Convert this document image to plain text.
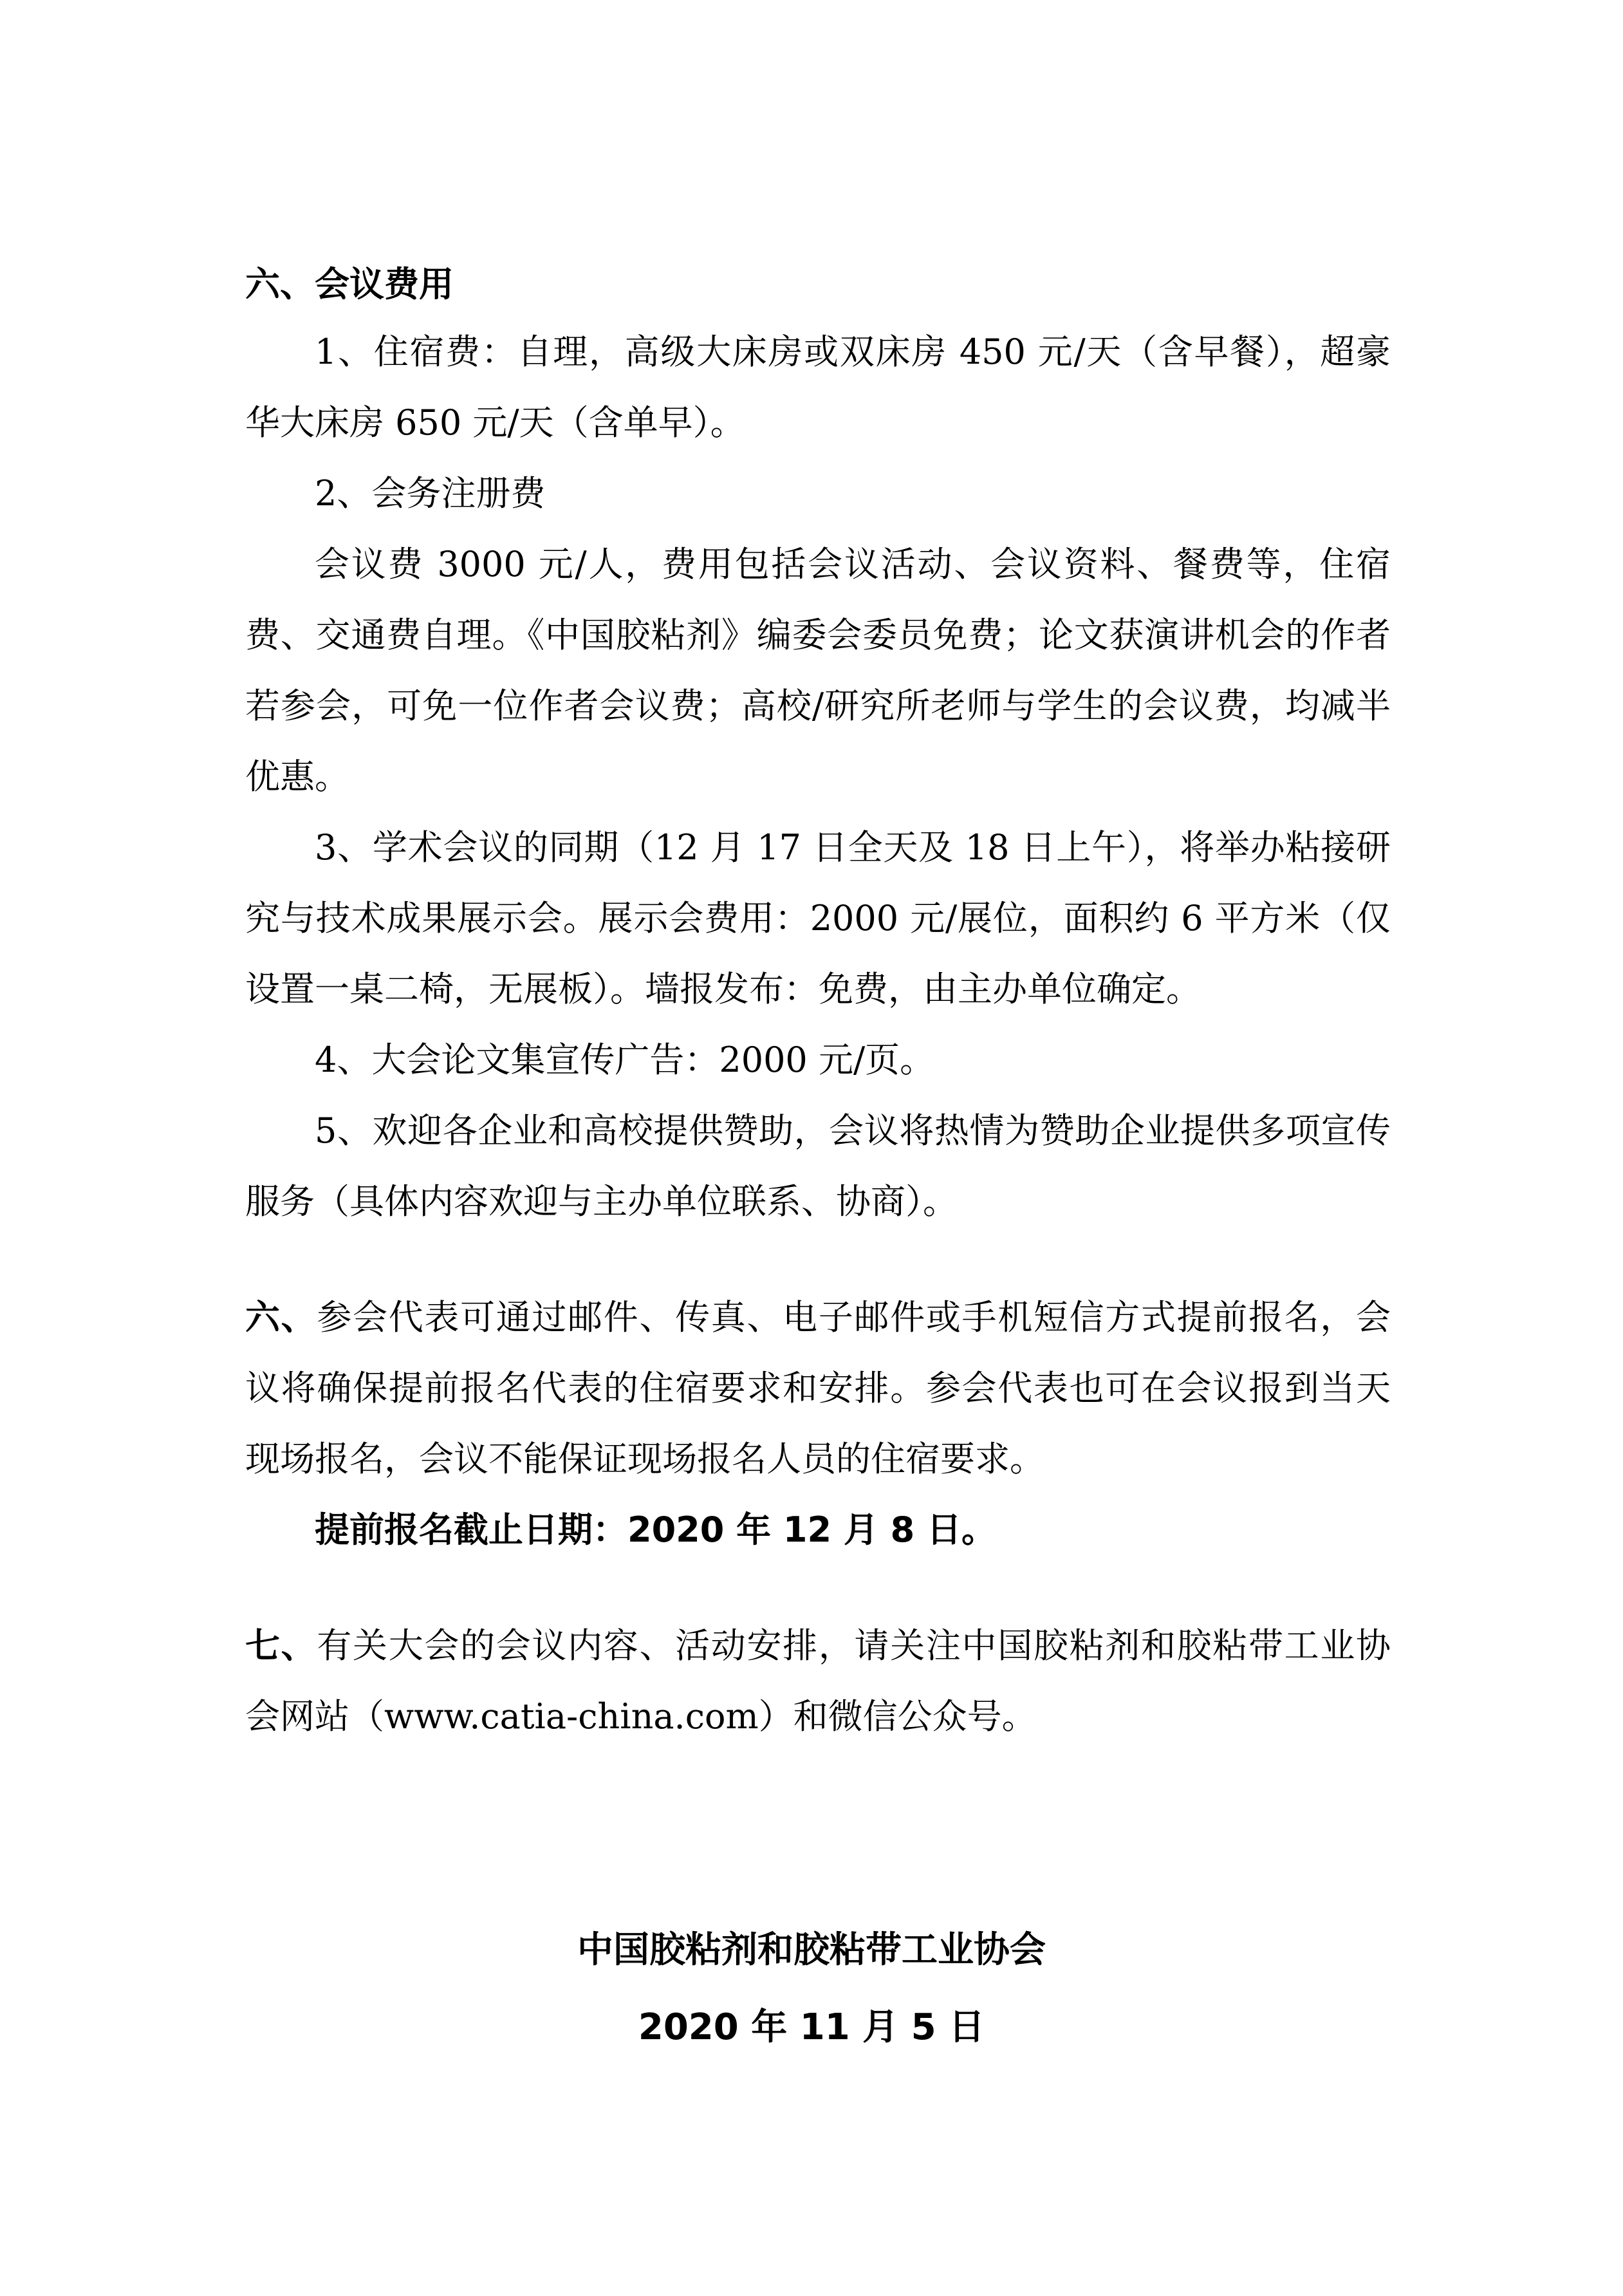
六、会议费用

1、住宿费：自理，高级大床房或双床房 450 元/天（含早餐），超豪华大床房 650 元/天（含单早）。

2、会务注册费

会议费 3000 元/人，费用包括会议活动、会议资料、餐费等，住宿费、交通费自理。《中国胶粘剂》编委会委员免费；论文获演讲机会的作者若参会，可免一位作者会议费；高校/研究所老师与学生的会议费，均减半优惠。

3、学术会议的同期（12 月 17 日全天及 18 日上午），将举办粘接研究与技术成果展示会。展示会费用：2000 元/展位，面积约 6 平方米（仅设置一桌二椅，无展板）。墙报发布：免费，由主办单位确定。

4、大会论文集宣传广告：2000 元/页。

5、欢迎各企业和高校提供赞助，会议将热情为赞助企业提供多项宣传服务（具体内容欢迎与主办单位联系、协商）。

六、参会代表可通过邮件、传真、电子邮件或手机短信方式提前报名，会议将确保提前报名代表的住宿要求和安排。参会代表也可在会议报到当天现场报名，会议不能保证现场报名人员的住宿要求。

提前报名截止日期：2020 年 12 月 8 日。

七、有关大会的会议内容、活动安排，请关注中国胶粘剂和胶粘带工业协会网站（www.catia-china.com）和微信公众号。

中国胶粘剂和胶粘带工业协会

2020 年 11 月 5 日
